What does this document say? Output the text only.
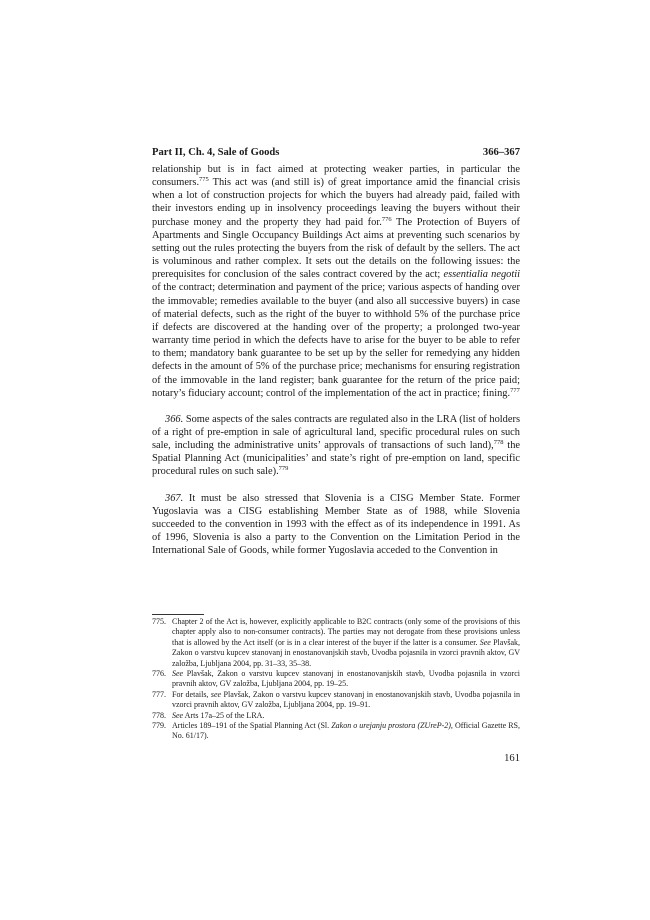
Part II, Ch. 4, Sale of Goods	366–367

relationship but is in fact aimed at protecting weaker parties, in particular the consumers.$^{775}$ This act was (and still is) of great importance amid the financial crisis when a lot of construction projects for which the buyers had already paid, failed with their investors ending up in insolvency proceedings leaving the buyers without their purchase money and the property they had paid for.$^{776}$ The Protection of Buyers of Apartments and Single Occupancy Buildings Act aims at preventing such scenarios by setting out the rules protecting the buyers from the risk of default by the sellers. The act is voluminous and rather complex. It sets out the details on the following issues: the prerequisites for conclusion of the sales contract covered by the act; essentialia negotii of the contract; determination and payment of the price; various aspects of handing over the immovable; remedies available to the buyer (and also all successive buyers) in case of material defects, such as the right of the buyer to withhold 5% of the purchase price if defects are discovered at the handing over of the property; a prolonged two-year warranty time period in which the defects have to arise for the buyer to be able to refer to them; mandatory bank guarantee to be set up by the seller for remedying any hidden defects in the amount of 5% of the purchase price; mechanisms for ensuring registration of the immovable in the land register; bank guarantee for the return of the price paid; notary’s fiduciary account; control of the implementation of the act in practice; fining.$^{777}$

366. Some aspects of the sales contracts are regulated also in the LRA (list of holders of a right of pre-emption in sale of agricultural land, specific procedural rules on such sale, including the administrative units’ approvals of transactions of such land),$^{778}$ the Spatial Planning Act (municipalities’ and state’s right of pre-emption on land, specific procedural rules on such sale).$^{779}$

367. It must be also stressed that Slovenia is a CISG Member State. Former Yugoslavia was a CISG establishing Member State as of 1988, while Slovenia succeeded to the convention in 1993 with the effect as of its independence in 1991. As of 1996, Slovenia is also a party to the Convention on the Limitation Period in the International Sale of Goods, while former Yugoslavia acceded to the Convention in

775. Chapter 2 of the Act is, however, explicitly applicable to B2C contracts (only some of the provisions of this chapter apply also to non-consumer contracts). The parties may not derogate from these provisions unless that is allowed by the Act itself (or is in a clear interest of the buyer if the latter is a consumer. See Plavšak, Zakon o varstvu kupcev stanovanj in enostanovanjskih stavb, Uvodba pojasnila in vzorci pravnih aktov, GV založba, Ljubljana 2004, pp. 31–33, 35–38.
776. See Plavšak, Zakon o varstvu kupcev stanovanj in enostanovanjskih stavb, Uvodba pojasnila in vzorci pravnih aktov, GV založba, Ljubljana 2004, pp. 19–25.
777. For details, see Plavšak, Zakon o varstvu kupcev stanovanj in enostanovanjskih stavb, Uvodba pojasnila in vzorci pravnih aktov, GV založba, Ljubljana 2004, pp. 19–91.
778. See Arts 17a–25 of the LRA.
779. Articles 189–191 of the Spatial Planning Act (Sl. Zakon o urejanju prostora (ZUreP-2), Official Gazette RS, No. 61/17).
161
